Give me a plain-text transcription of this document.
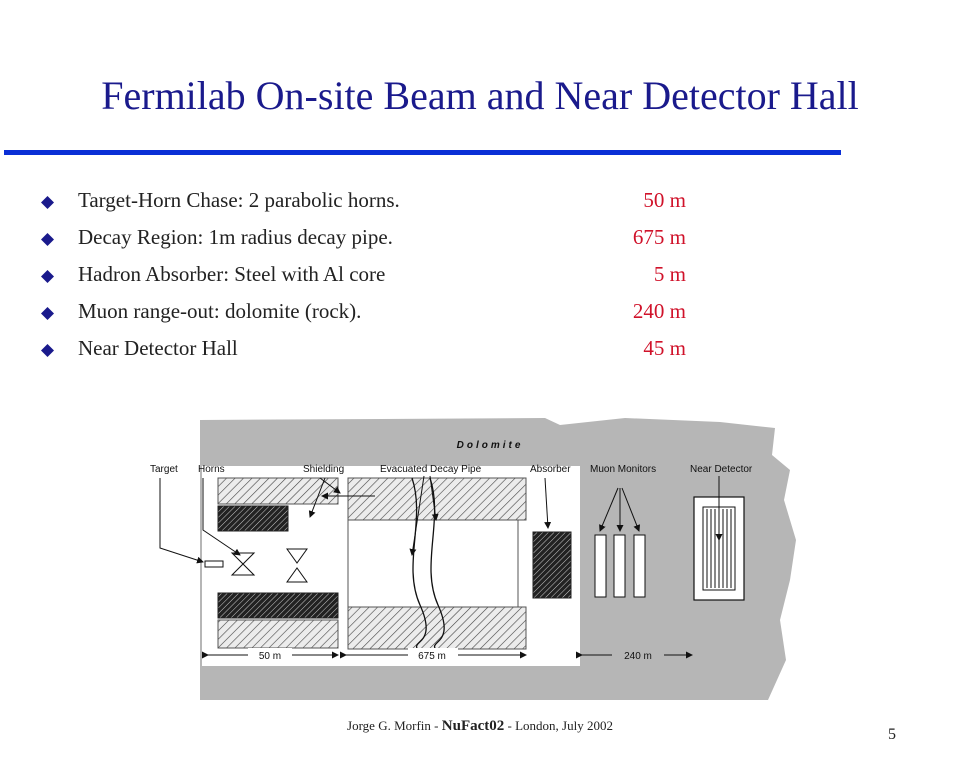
Fermilab On-site Beam and Near Detector Hall
Target-Horn Chase: 2 parabolic horns.	50 m
Decay Region: 1m radius decay pipe.	675 m
Hadron Absorber: Steel with Al core	5 m
Muon range-out: dolomite (rock).	240 m
Near Detector Hall	45 m
Dolomite
Target Horns	Shielding	Evacuated Decay Pipe	Absorber Muon Monitors	Near Detector
50 m	675 m	240 m
Jorge G. Morfin - NuFact02 - London, July 2002
5
